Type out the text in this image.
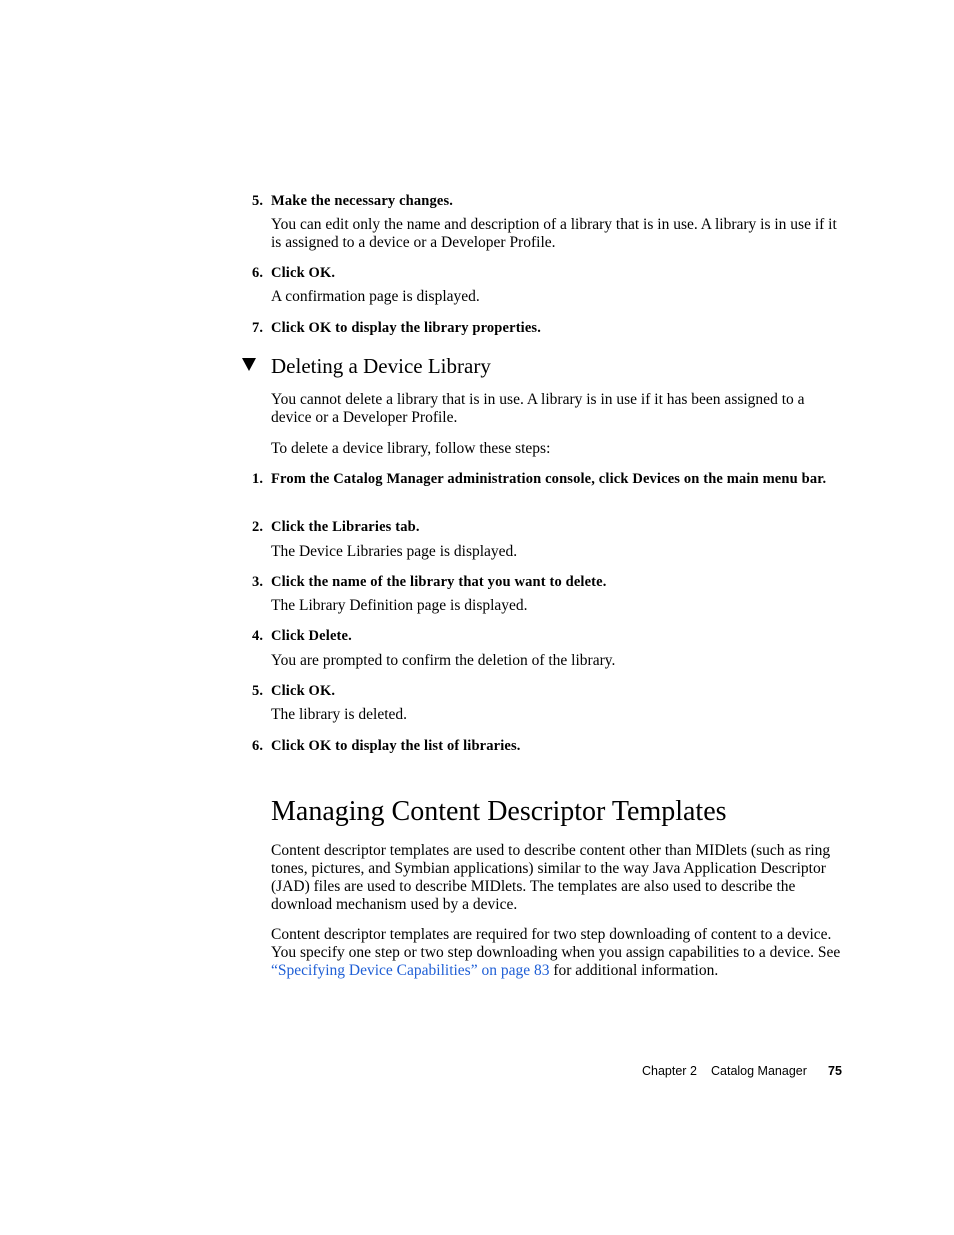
5. Make the necessary changes.
You can edit only the name and description of a library that is in use. A library is in use if it is assigned to a device or a Developer Profile.
6. Click OK.
A confirmation page is displayed.
7. Click OK to display the library properties.
Deleting a Device Library
You cannot delete a library that is in use. A library is in use if it has been assigned to a device or a Developer Profile.
To delete a device library, follow these steps:
1. From the Catalog Manager administration console, click Devices on the main menu bar.
2. Click the Libraries tab.
The Device Libraries page is displayed.
3. Click the name of the library that you want to delete.
The Library Definition page is displayed.
4. Click Delete.
You are prompted to confirm the deletion of the library.
5. Click OK.
The library is deleted.
6. Click OK to display the list of libraries.
Managing Content Descriptor Templates
Content descriptor templates are used to describe content other than MIDlets (such as ring tones, pictures, and Symbian applications) similar to the way Java Application Descriptor (JAD) files are used to describe MIDlets. The templates are also used to describe the download mechanism used by a device.
Content descriptor templates are required for two step downloading of content to a device. You specify one step or two step downloading when you assign capabilities to a device. See “Specifying Device Capabilities” on page 83 for additional information.
Chapter 2 Catalog Manager 75
